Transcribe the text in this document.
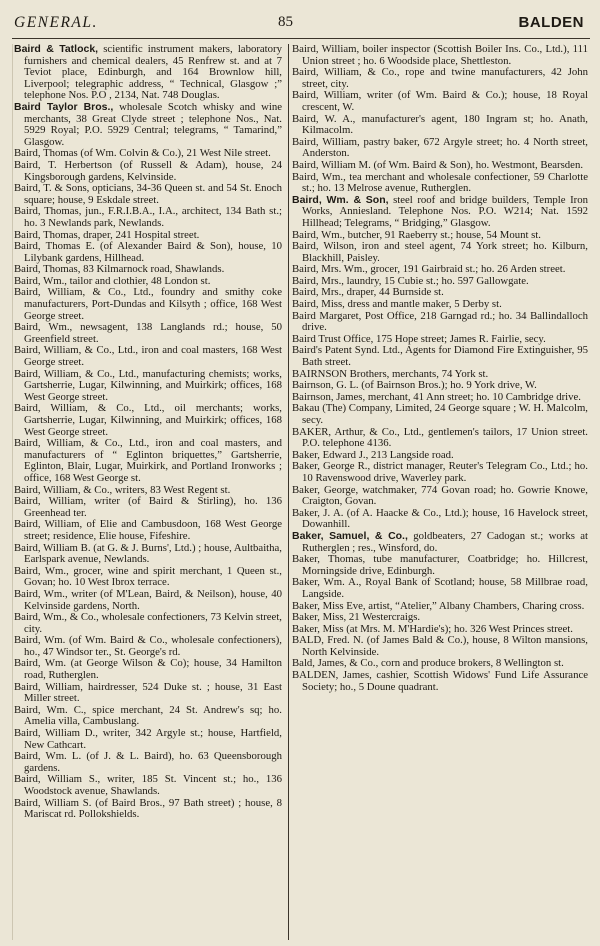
GENERAL.	85	BALDEN
Baird & Tatlock, scientific instrument makers, laboratory furnishers and chemical dealers, 45 Renfrew st. and at 7 Teviot place, Edinburgh, and 164 Brownlow hill, Liverpool; telegraphic address, “ Technical, Glasgow ;” telephone Nos. P.O , 2134, Nat. 748 Douglas.
Baird Taylor Bros., wholesale Scotch whisky and wine merchants, 38 Great Clyde street ; telephone Nos., Nat. 5929 Royal; P.O. 5929 Central; telegrams, “ Tamarind,” Glasgow.
Baird, Thomas (of Wm. Colvin & Co.), 21 West Nile street.
Baird, T. Herbertson (of Russell & Adam), house, 24 Kingsborough gardens, Kelvinside.
Baird, T. & Sons, opticians, 34-36 Queen st. and 54 St. Enoch square; house, 9 Eskdale street.
Baird, Thomas, jun., F.R.I.B.A., I.A., architect, 134 Bath st.; ho. 3 Newlands park, Newlands.
Baird, Thomas, draper, 241 Hospital street.
Baird, Thomas E. (of Alexander Baird & Son), house, 10 Lilybank gardens, Hillhead.
Baird, Thomas, 83 Kilmarnock road, Shawlands.
Baird, Wm., tailor and clothier, 48 London st.
Baird, William, & Co., Ltd., foundry and smithy coke manufacturers, Port-Dundas and Kilsyth ; office, 168 West George street.
Baird, Wm., newsagent, 138 Langlands rd.; house, 50 Greenfield street.
Baird, William, & Co., Ltd., iron and coal masters, 168 West George street.
Baird, William, & Co., Ltd., manufacturing chemists; works, Gartsherrie, Lugar, Kilwinning, and Muirkirk; offices, 168 West George street.
Baird, William, & Co., Ltd., oil merchants; works, Gartsherrie, Lugar, Kilwinning, and Muirkirk; offices, 168 West George street.
Baird, William, & Co., Ltd., iron and coal masters, and manufacturers of “ Eglinton briquettes,” Gartsherrie, Eglinton, Blair, Lugar, Muirkirk, and Portland Ironworks ; office, 168 West George st.
Baird, William, & Co., writers, 83 West Regent st.
Baird, William, writer (of Baird & Stirling), ho. 136 Greenhead ter.
Baird, William, of Elie and Cambusdoon, 168 West George street; residence, Elie house, Fifeshire.
Baird, William B. (at G. & J. Burns', Ltd.) ; house, Aultbaitha, Earlspark avenue, Newlands.
Baird, Wm., grocer, wine and spirit merchant, 1 Queen st., Govan; ho. 10 West Ibrox terrace.
Baird, Wm., writer (of M'Lean, Baird, & Neilson), house, 40 Kelvinside gardens, North.
Baird, Wm., & Co., wholesale confectioners, 73 Kelvin street, city.
Baird, Wm. (of Wm. Baird & Co., wholesale confectioners), ho., 47 Windsor ter., St. George's rd.
Baird, Wm. (at George Wilson & Co); house, 34 Hamilton road, Rutherglen.
Baird, William, hairdresser, 524 Duke st. ; house, 31 East Miller street.
Baird, Wm. C., spice merchant, 24 St. Andrew's sq; ho. Amelia villa, Cambuslang.
Baird, William D., writer, 342 Argyle st.; house, Hartfield, New Cathcart.
Baird, Wm. L. (of J. & L. Baird), ho. 63 Queensborough gardens.
Baird, William S., writer, 185 St. Vincent st.; ho., 136 Woodstock avenue, Shawlands.
Baird, William S. (of Baird Bros., 97 Bath street) ; house, 8 Mariscat rd. Pollokshields.
Baird, William, boiler inspector (Scottish Boiler Ins. Co., Ltd.), 111 Union street ; ho. 6 Woodside place, Shettleston.
Baird, William, & Co., rope and twine manufacturers, 42 John street, city.
Baird, William, writer (of Wm. Baird & Co.); house, 18 Royal crescent, W.
Baird, W. A., manufacturer's agent, 180 Ingram st; ho. Anath, Kilmacolm.
Baird, William, pastry baker, 672 Argyle street; ho. 4 North street, Anderston.
Baird, William M. (of Wm. Baird & Son), ho. Westmont, Bearsden.
Baird, Wm., tea merchant and wholesale confectioner, 59 Charlotte st.; ho. 13 Melrose avenue, Rutherglen.
Baird, Wm. & Son, steel roof and bridge builders, Temple Iron Works, Anniesland. Telephone Nos. P.O. W214; Nat. 1592 Hillhead; Telegrams, “ Bridging,” Glasgow.
Baird, Wm., butcher, 91 Raeberry st.; house, 54 Mount st.
Baird, Wilson, iron and steel agent, 74 York street; ho. Kilburn, Blackhill, Paisley.
Baird, Mrs. Wm., grocer, 191 Gairbraid st.; ho. 26 Arden street.
Baird, Mrs., laundry, 15 Cubie st.; ho. 597 Gallowgate.
Baird, Mrs., draper, 44 Burnside st.
Baird, Miss, dress and mantle maker, 5 Derby st.
Baird Margaret, Post Office, 218 Garngad rd.; ho. 34 Ballindalloch drive.
Baird Trust Office, 175 Hope street; James R. Fairlie, secy.
Baird's Patent Synd. Ltd., Agents for Diamond Fire Extinguisher, 95 Bath street.
BAIRNSON Brothers, merchants, 74 York st.
Bairnson, G. L. (of Bairnson Bros.); ho. 9 York drive, W.
Bairnson, James, merchant, 41 Ann street; ho. 10 Cambridge drive.
Bakau (The) Company, Limited, 24 George square ; W. H. Malcolm, secy.
BAKER, Arthur, & Co., Ltd., gentlemen's tailors, 17 Union street. P.O. telephone 4136.
Baker, Edward J., 213 Langside road.
Baker, George R., district manager, Reuter's Telegram Co., Ltd.; ho. 10 Ravenswood drive, Waverley park.
Baker, George, watchmaker, 774 Govan road; ho. Gowrie Knowe, Craigton, Govan.
Baker, J. A. (of A. Haacke & Co., Ltd.); house, 16 Havelock street, Dowanhill.
Baker, Samuel, & Co., goldbeaters, 27 Cadogan st.; works at Rutherglen ; res., Winsford, do.
Baker, Thomas, tube manufacturer, Coatbridge; ho. Hillcrest, Morningside drive, Edinburgh.
Baker, Wm. A., Royal Bank of Scotland; house, 58 Millbrae road, Langside.
Baker, Miss Eve, artist, “Atelier,” Albany Chambers, Charing cross.
Baker, Miss, 21 Westercraigs.
Baker, Miss (at Mrs. M. M'Hardie's); ho. 326 West Princes street.
BALD, Fred. N. (of James Bald & Co.), house, 8 Wilton mansions, North Kelvinside.
Bald, James, & Co., corn and produce brokers, 8 Wellington st.
BALDEN, James, cashier, Scottish Widows' Fund Life Assurance Society; ho., 5 Doune quadrant.
